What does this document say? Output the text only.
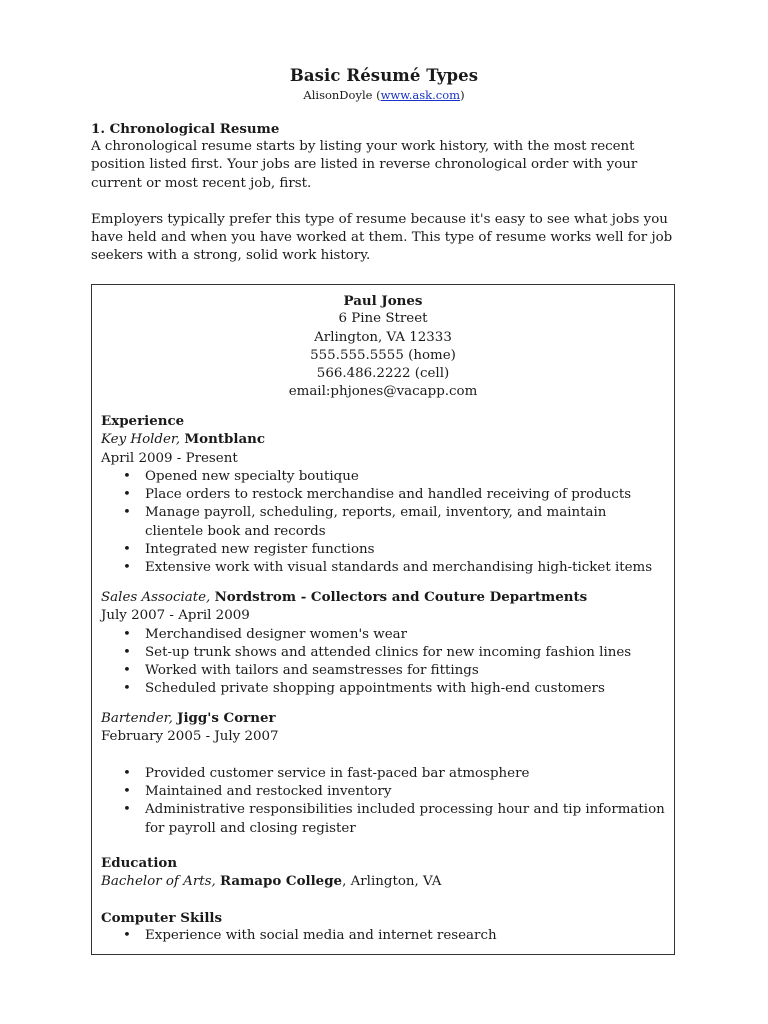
Basic Résumé Types
AlisonDoyle (www.ask.com)
1. Chronological Resume

A chronological resume starts by listing your work history, with the most recent position listed first. Your jobs are listed in reverse chronological order with your current or most recent job, first.

Employers typically prefer this type of resume because it's easy to see what jobs you have held and when you have worked at them. This type of resume works well for job seekers with a strong, solid work history.

Paul Jones
6 Pine Street
Arlington, VA 12333
555.555.5555 (home)
566.486.2222 (cell)
email:phjones@vacapp.com
Experience
Key Holder, Montblanc
April 2009 - Present
• Opened new specialty boutique
• Place orders to restock merchandise and handled receiving of products
• Manage payroll, scheduling, reports, email, inventory, and maintain clientele book and records
• Integrated new register functions
• Extensive work with visual standards and merchandising high-ticket items
Sales Associate, Nordstrom - Collectors and Couture Departments
July 2007 - April 2009
• Merchandised designer women's wear
• Set-up trunk shows and attended clinics for new incoming fashion lines
• Worked with tailors and seamstresses for fittings
• Scheduled private shopping appointments with high-end customers
Bartender, Jigg's Corner
February 2005 - July 2007
• Provided customer service in fast-paced bar atmosphere
• Maintained and restocked inventory
• Administrative responsibilities included processing hour and tip information for payroll and closing register
Education
Bachelor of Arts, Ramapo College, Arlington, VA
Computer Skills
• Experience with social media and internet research
